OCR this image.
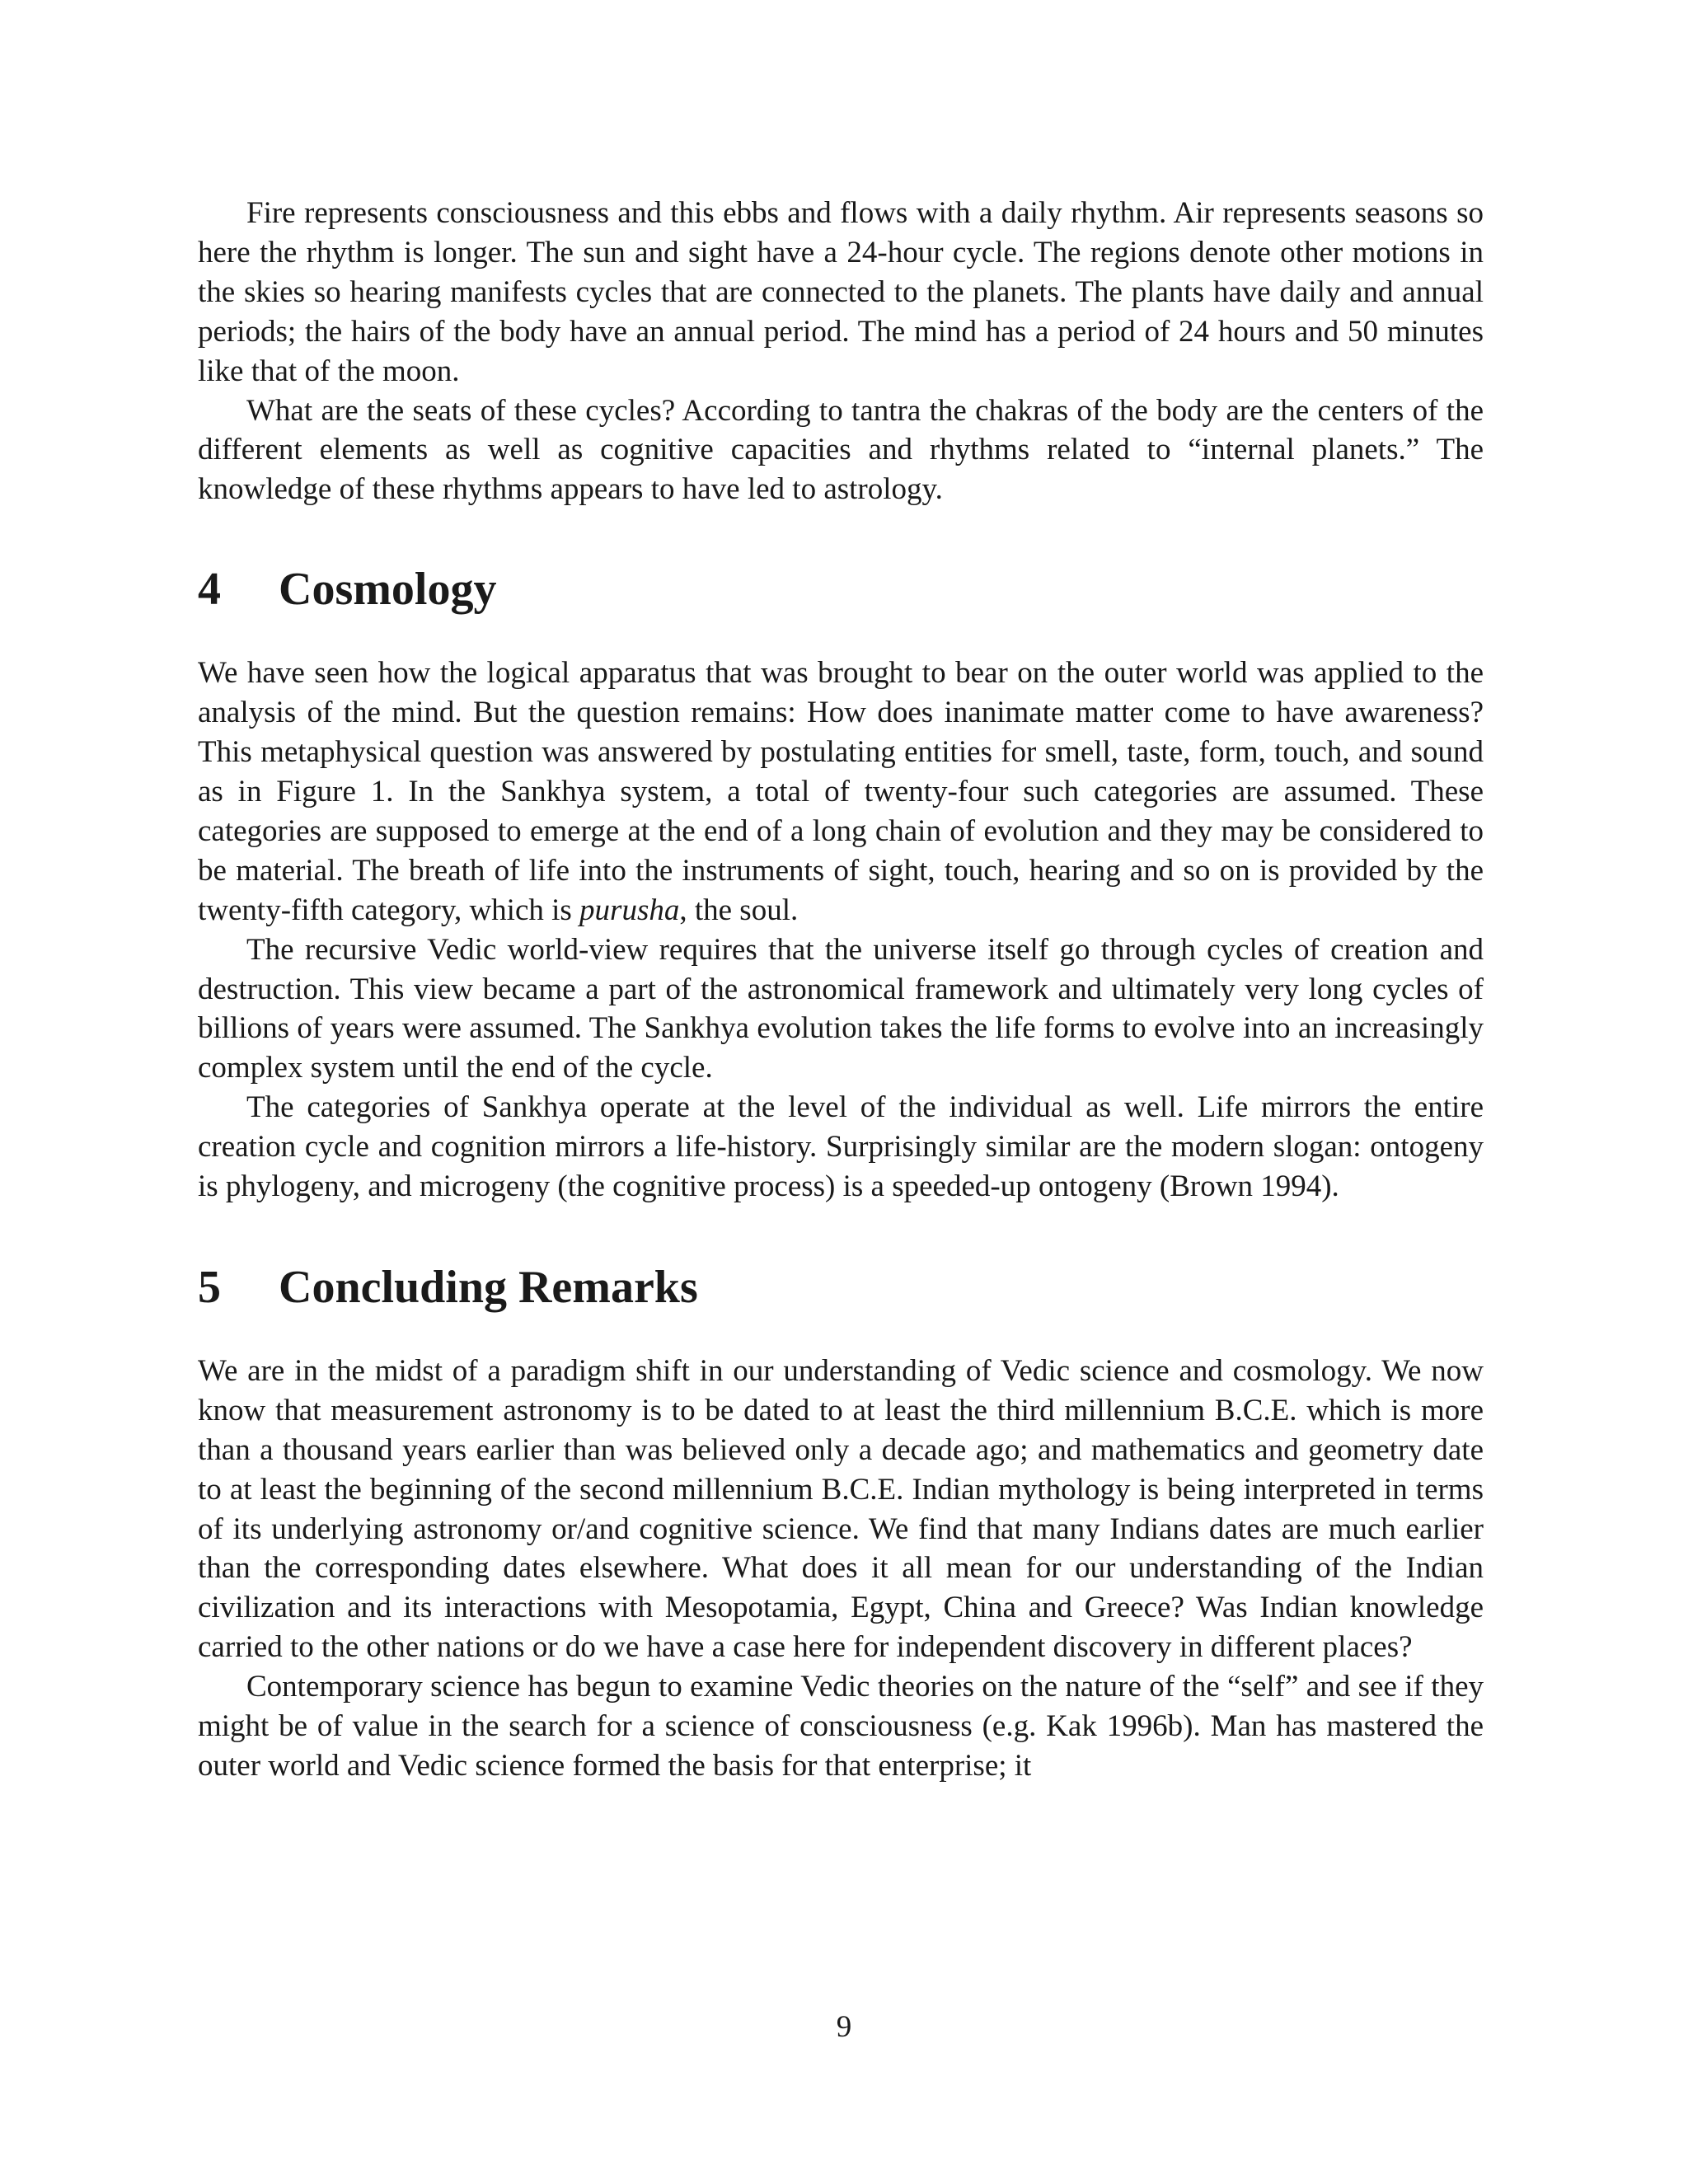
Fire represents consciousness and this ebbs and flows with a daily rhythm. Air represents seasons so here the rhythm is longer. The sun and sight have a 24-hour cycle. The regions denote other motions in the skies so hearing manifests cycles that are connected to the planets. The plants have daily and annual periods; the hairs of the body have an annual period. The mind has a period of 24 hours and 50 minutes like that of the moon.

What are the seats of these cycles? According to tantra the chakras of the body are the centers of the different elements as well as cognitive capacities and rhythms related to “internal planets.” The knowledge of these rhythms appears to have led to astrology.

4 Cosmology

We have seen how the logical apparatus that was brought to bear on the outer world was applied to the analysis of the mind. But the question remains: How does inanimate matter come to have awareness? This metaphysical question was answered by postulating entities for smell, taste, form, touch, and sound as in Figure 1. In the Sankhya system, a total of twenty-four such categories are assumed. These categories are supposed to emerge at the end of a long chain of evolution and they may be considered to be material. The breath of life into the instruments of sight, touch, hearing and so on is provided by the twenty-fifth category, which is purusha, the soul.

The recursive Vedic world-view requires that the universe itself go through cycles of creation and destruction. This view became a part of the astronomical framework and ultimately very long cycles of billions of years were assumed. The Sankhya evolution takes the life forms to evolve into an increasingly complex system until the end of the cycle.

The categories of Sankhya operate at the level of the individual as well. Life mirrors the entire creation cycle and cognition mirrors a life-history. Surprisingly similar are the modern slogan: ontogeny is phylogeny, and microgeny (the cognitive process) is a speeded-up ontogeny (Brown 1994).

5 Concluding Remarks

We are in the midst of a paradigm shift in our understanding of Vedic science and cosmology. We now know that measurement astronomy is to be dated to at least the third millennium B.C.E. which is more than a thousand years earlier than was believed only a decade ago; and mathematics and geometry date to at least the beginning of the second millennium B.C.E. Indian mythology is being interpreted in terms of its underlying astronomy or/and cognitive science. We find that many Indians dates are much earlier than the corresponding dates elsewhere. What does it all mean for our understanding of the Indian civilization and its interactions with Mesopotamia, Egypt, China and Greece? Was Indian knowledge carried to the other nations or do we have a case here for independent discovery in different places?

Contemporary science has begun to examine Vedic theories on the nature of the “self” and see if they might be of value in the search for a science of consciousness (e.g. Kak 1996b). Man has mastered the outer world and Vedic science formed the basis for that enterprise; it

9
